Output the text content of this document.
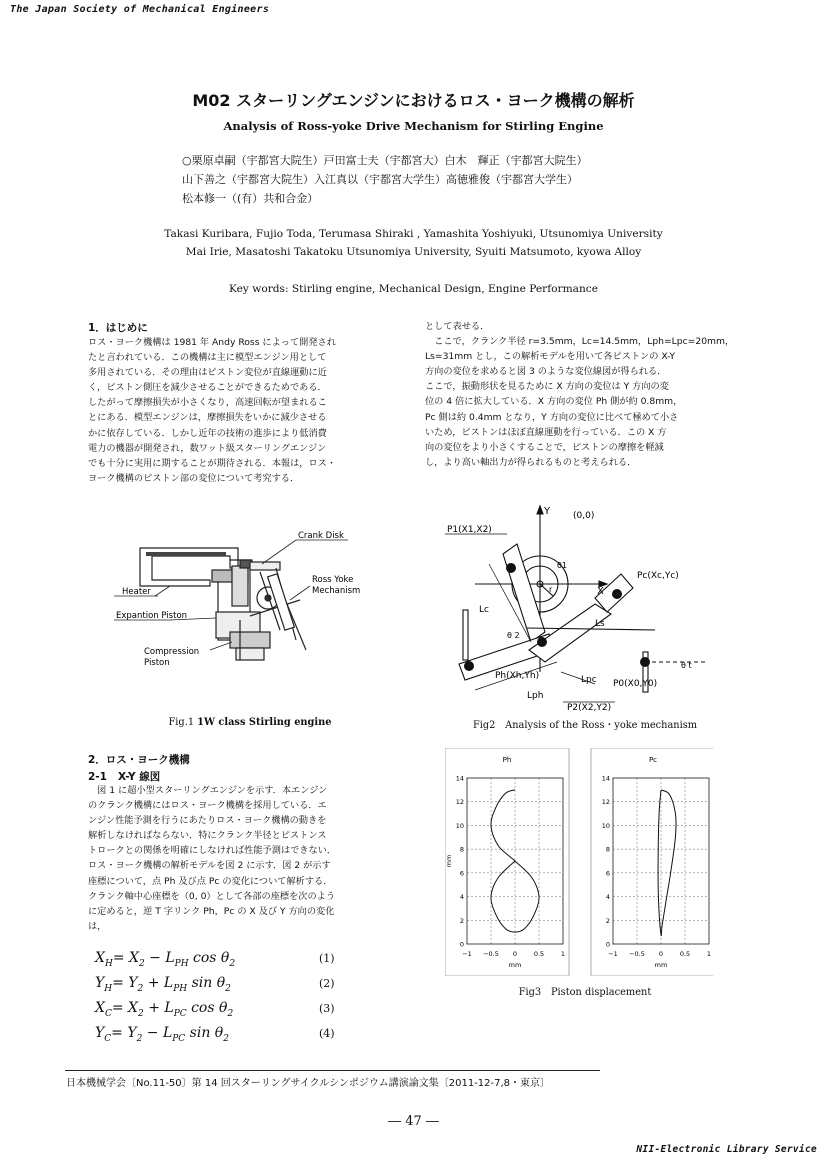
The Japan Society of Mechanical Engineers
M02 スターリングエンジンにおけるロス・ヨーク機構の解析
Analysis of Ross-yoke Drive Mechanism for Stirling Engine
○栗原卓嗣（宇都宮大院生）戸田富士夫（宇都宮大）白木　輝正（宇都宮大院生）
山下善之（宇都宮大院生）入江真以（宇都宮大学生）高徳雅俊（宇都宮大学生）
松本修一（(有）共和合金）
Takasi Kuribara, Fujio Toda, Terumasa Shiraki , Yamashita Yoshiyuki, Utsunomiya University
Mai Irie, Masatoshi Takatoku Utsunomiya University, Syuiti Matsumoto, kyowa Alloy
Key words: Stirling engine, Mechanical Design, Engine Performance
1．はじめに
ロス・ヨーク機構は 1981 年 Andy Ross によって開発され
たと言われている．この機構は主に模型エンジン用として
多用されている．その理由はピストン変位が直線運動に近
く，ピストン側圧を減少させることができるためである．
したがって摩擦損失が小さくなり，高速回転が望まれるこ
とにある．模型エンジンは，摩擦損失をいかに減少させる
かに依存している．しかし近年の技術の進歩により低消費
電力の機器が開発され，数ワット級スターリングエンジン
でも十分に実用に期することが期待される．本報は，ロス・
ヨーク機構のピストン部の変位について考究する．
として表せる．
　ここで，クランク半径 r=3.5mm，Lc=14.5mm，Lph=Lpc=20mm，
Ls=31mm とし，この解析モデルを用いて各ピストンの X-Y
方向の変位を求めると図 3 のような変位線図が得られる．
ここで，振動形状を見るために X 方向の変位は Y 方向の変
位の 4 倍に拡大している．X 方向の変位 Ph 側が約 0.8mm，
Pc 側は約 0.4mm となり，Y 方向の変位に比べて極めて小さ
いため，ピストンはほぼ直線運動を行っている．この X 方
向の変位をより小さくすることで，ピストンの摩擦を軽減
し，より高い軸出力が得られるものと考えられる．
Crank Disk
Ross Yoke
Mechanism
Heater
Expantion Piston
Compression
Piston
Fig.1 1W class Stirling engine
Y	(0,0)
X
P1(X1,X2)
Pc(Xc,Yc)
r
θ1
θ 2
Lc
Ls
Ph(Xh,Yh)	Lpc P0(X0,Y0)
Lph
P2(X2,Y2)
θ t
Fig2　Analysis of the Ross・yoke mechanism
2．ロス・ヨーク機構
2-1 X-Y 線図
　図 1 に超小型スターリングエンジンを示す．本エンジン
のクランク機構にはロス・ヨーク機構を採用している．エ
ンジン性能予測を行うにあたりロス・ヨーク機構の動きを
解析しなければならない．特にクランク半径とピストンス
トロークとの関係を明確にしなければ性能予測はできない．
ロス・ヨーク機構の解析モデルを図 2 に示す．図 2 が示す
座標について，点 Ph 及び点 Pc の変化について解析する．
クランク軸中心座標を（0, 0）として各部の座標を次のよう
に定めると，逆 T 字リンク Ph，Pc の X 及び Y 方向の変化
は，
$X_H= X_2 - L_{PH}$ $\cos \theta_2$	(1)
$Y_H= Y_2 + L_{PH}$ $\sin \theta_2$	(2)
$X_C= X_2 + L_{PC}$ $\cos \theta_2$	(3)
$Y_C= Y_2 - L_{PC}$ $\sin \theta_2$	(4)
Ph
0
2
4
6
8
10
12
14
−1 −0.5 0	0.5	1
mm
mm
Pc
0
2
4
6
8
10
12
14
−1 −0.5 0	0.5	1
mm
Fig3　Piston displacement
日本機械学会〔No.11-50〕第 14 回スターリングサイクルシンポジウム講演論文集〔2011-12-7,8・東京〕
― 47 ―
NII-Electronic Library Service
